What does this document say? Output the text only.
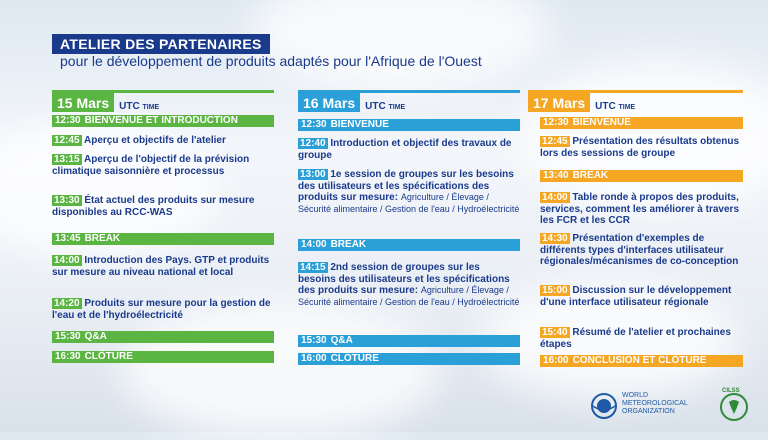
ATELIER DES PARTENAIRES
pour le développement de produits adaptés pour l'Afrique de l'Ouest
15 Mars	UTC TIME
12:30 BIENVENUE ET INTRODUCTION
12:45 Aperçu et objectifs de l'atelier
13:15 Aperçu de l'objectif de la prévision climatique saisonnière et processus
13:30 État actuel des produits sur mesure disponibles au RCC-WAS
13:45 BREAK
14:00 Introduction des Pays. GTP et produits sur mesure au niveau national et local
14:20 Produits sur mesure pour la gestion de l'eau et de l'hydroélectricité
15:30 Q&A
16:30 CLÔTURE
16 Mars	UTC TIME
12:30 BIENVENUE
12:40 Introduction et objectif des travaux de groupe
13:00 1e session de groupes sur les besoins des utilisateurs et les spécifications des produits sur mesure: Agriculture / Élevage / Sécurité alimentaire / Gestion de l'eau / Hydroélectricité
14:00 BREAK
14:15 2nd session de groupes sur les besoins des utilisateurs et les spécifications des produits sur mesure: Agriculture / Élevage / Sécurité alimentaire / Gestion de l'eau / Hydroélectricité
15:30 Q&A
16:00 CLÔTURE
17 Mars	UTC TIME
12:30 BIENVENUE
12:45 Présentation des résultats obtenus lors des sessions de groupe
13:40 BREAK
14:00 Table ronde à propos des produits, services, comment les améliorer à travers les FCR et les CCR
14:30 Présentation d'exemples de différents types d'interfaces utilisateur régionales/mécanismes de co-conception
15:00 Discussion sur le développement d'une interface utilisateur régionale
15:40 Résumé de l'atelier et prochaines étapes
16:00 CONCLUSIÓN ET CLÔTURE
WORLD
METEOROLOGICAL
ORGANIZATION
CILSS
